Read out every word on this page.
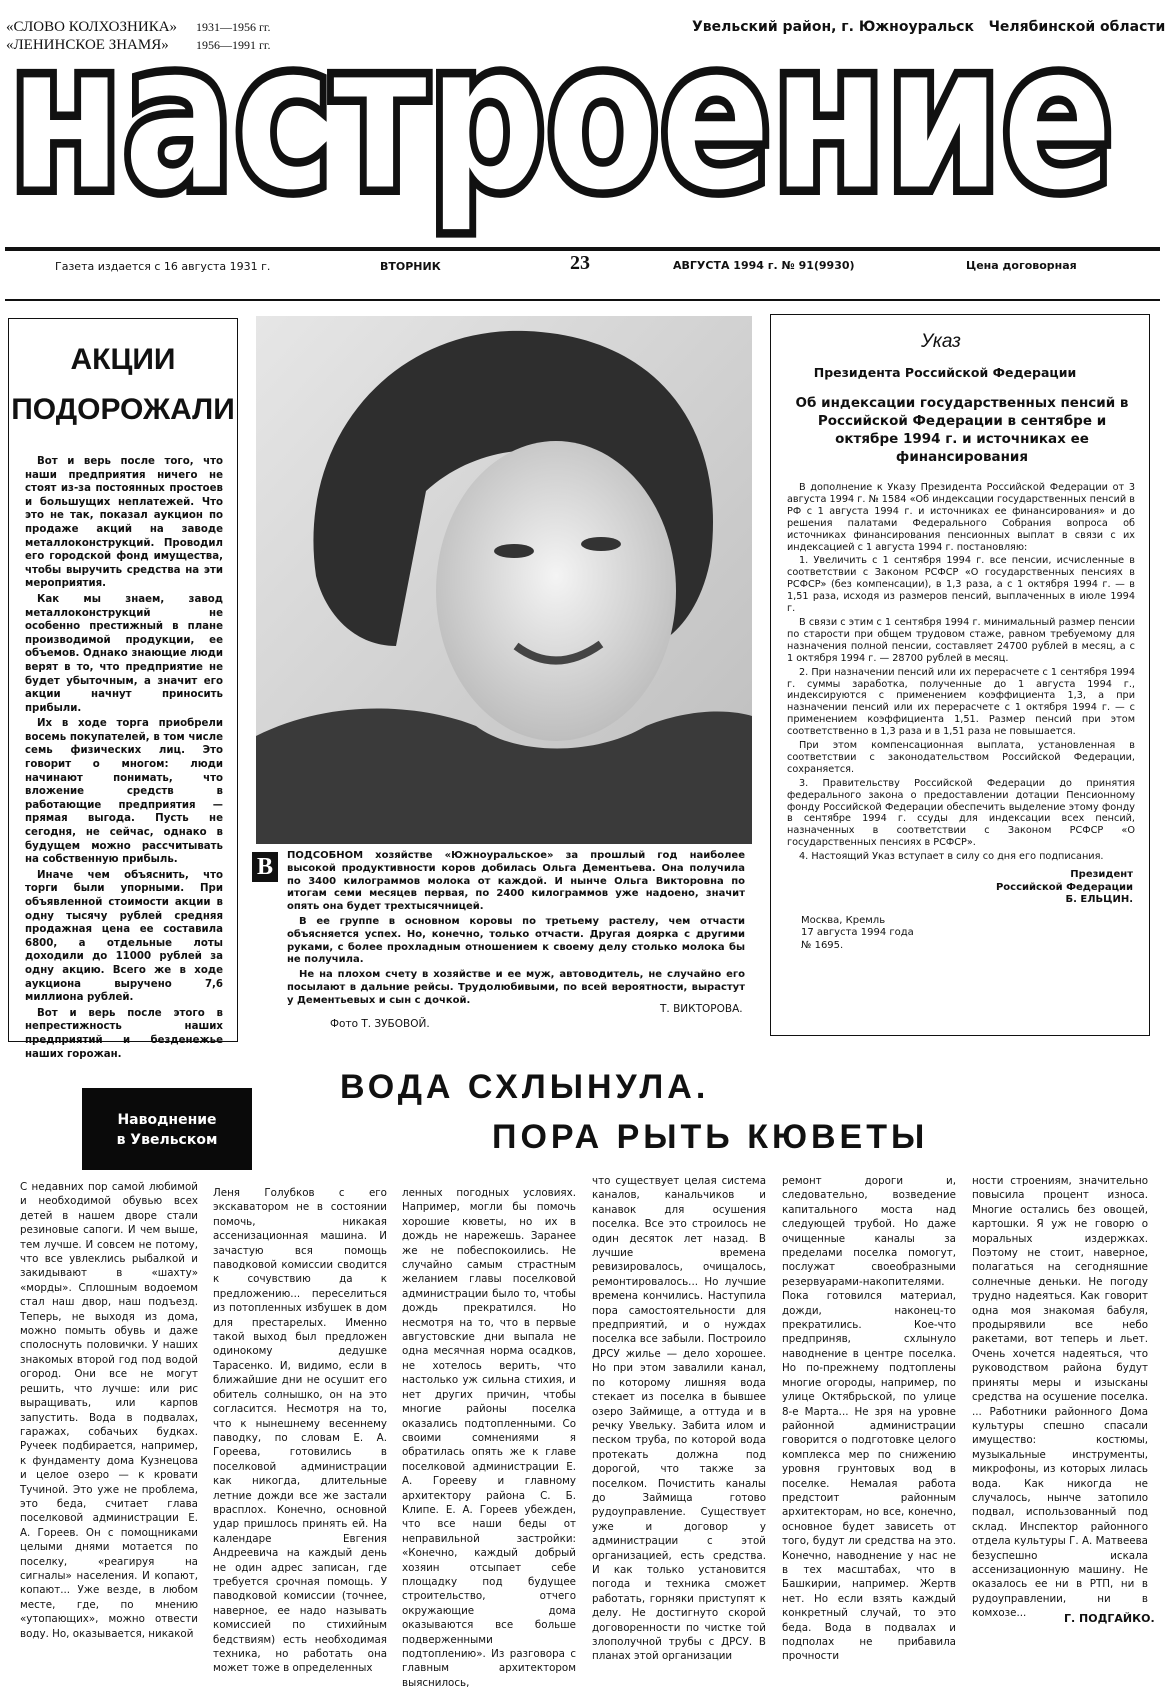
«СЛОВО КОЛХОЗНИКА» 1931—1956 гг.
«ЛЕНИНСКОЕ ЗНАМЯ» 1956—1991 гг.
Увельский район, г. Южноуральск Челябинской области
настроение
настроение
Газета издается с 16 августа 1931 г.	ВТОРНИК	23	АВГУСТА 1994 г. № 91(9930)	Цена договорная
АКЦИИ
ПОДОРОЖАЛИ

Вот и верь после того, что наши предприятия ничего не стоят из-за постоянных простоев и большущих неплатежей. Что это не так, показал аукцион по продаже акций на заводе металлоконструкций. Проводил его городской фонд имущества, чтобы выручить средства на эти мероприятия.

Как мы знаем, завод металлоконструкций не особенно престижный в плане производимой продукции, ее объемов. Однако знающие люди верят в то, что предприятие не будет убыточным, а значит его акции начнут приносить прибыли.

Их в ходе торга приобрели восемь покупателей, в том числе семь физических лиц. Это говорит о многом: люди начинают понимать, что вложение средств в работающие предприятия — прямая выгода. Пусть не сегодня, не сейчас, однако в будущем можно рассчитывать на собственную прибыль.

Иначе чем объяснить, что торги были упорными. При объявленной стоимости акции в одну тысячу рублей средняя продажная цена ее составила 6800, а отдельные лоты доходили до 11000 рублей за одну акцию. Всего же в ходе аукциона выручено 7,6 миллиона рублей.

Вот и верь после этого в непрестижность наших предприятий и безденежье наших горожан.

В	ПОДСОБНОМ хозяйстве «Южноуральское» за прошлый год наиболее высокой продуктивности коров добилась Ольга Дементьева. Она получила по 3400 килограммов молока от каждой. И нынче Ольга Викторовна по итогам семи месяцев первая, по 2400 килограммов уже надоено, значит опять она будет трехтысячницей.

В ее группе в основном коровы по третьему растелу, чем отчасти объясняется успех. Но, конечно, только отчасти. Другая доярка с другими руками, с более прохладным отношением к своему делу столько молока бы не получила.

Не на плохом счету в хозяйстве и ее муж, автоводитель, не случайно его посылают в дальние рейсы. Трудолюбивыми, по всей вероятности, вырастут у Дементьевых и сын с дочкой.

Т. ВИКТОРОВА.
Фото Т. ЗУБОВОЙ.
Указ
Президента Российской Федерации
Об индексации государственных пенсий в Российской Федерации в сентябре и октябре 1994 г. и источниках ее финансирования

В дополнение к Указу Президента Российской Федерации от 3 августа 1994 г. № 1584 «Об индексации государственных пенсий в РФ с 1 августа 1994 г. и источниках ее финансирования» и до решения палатами Федерального Собрания вопроса об источниках финансирования пенсионных выплат в связи с их индексацией с 1 августа 1994 г. постановляю:

1. Увеличить с 1 сентября 1994 г. все пенсии, исчисленные в соответствии с Законом РСФСР «О государственных пенсиях в РСФСР» (без компенсации), в 1,3 раза, а с 1 октября 1994 г. — в 1,51 раза, исходя из размеров пенсий, выплаченных в июле 1994 г.

В связи с этим с 1 сентября 1994 г. минимальный размер пенсии по старости при общем трудовом стаже, равном требуемому для назначения полной пенсии, составляет 24700 рублей в месяц, а с 1 октября 1994 г. — 28700 рублей в месяц.

2. При назначении пенсий или их перерасчете с 1 сентября 1994 г. суммы заработка, полученные до 1 августа 1994 г., индексируются с применением коэффициента 1,3, а при назначении пенсий или их перерасчете с 1 октября 1994 г. — с применением коэффициента 1,51. Размер пенсий при этом соответственно в 1,3 раза и в 1,51 раза не повышается.

При этом компенсационная выплата, установленная в соответствии с законодательством Российской Федерации, сохраняется.

3. Правительству Российской Федерации до принятия федерального закона о предоставлении дотации Пенсионному фонду Российской Федерации обеспечить выделение этому фонду в сентябре 1994 г. ссуды для индексации всех пенсий, назначенных в соответствии с Законом РСФСР «О государственных пенсиях в РСФСР».

4. Настоящий Указ вступает в силу со дня его подписания.

Президент
Российской Федерации
Б. ЕЛЬЦИН.
Москва, Кремль
17 августа 1994 года
№ 1695.
Наводнение
в Увельском
ВОДА СХЛЫНУЛА.
ПОРА РЫТЬ КЮВЕТЫ
С недавних пор самой любимой и необходимой обувью всех детей в нашем дворе стали резиновые сапоги. И чем выше, тем лучше. И совсем не потому, что все увлеклись рыбалкой и закидывают в «шахту» «морды». Сплошным водоемом стал наш двор, наш подъезд. Теперь, не выходя из дома, можно помыть обувь и даже сполоснуть половички. У наших знакомых второй год под водой огород. Они все не могут решить, что лучше: или рис выращивать, или карпов запустить. Вода в подвалах, гаражах, собачьих будках. Ручеек подбирается, например, к фундаменту дома Кузнецова и целое озеро — к кровати Тучиной. Это уже не проблема, это беда, считает глава поселковой администрации Е. А. Гореев. Он с помощниками целыми днями мотается по поселку, «реагируя на сигналы» населения. И копают, копают... Уже везде, в любом месте, где, по мнению «утопающих», можно отвести воду. Но, оказывается, никакой
Леня Голубков с его экскаватором не в состоянии помочь, никакая ассенизационная машина. И зачастую вся помощь паводковой комиссии сводится к сочувствию да к предложению... переселиться из потопленных избушек в дом для престарелых. Именно такой выход был предложен одинокому дедушке Тарасенко. И, видимо, если в ближайшие дни не осушит его обитель солнышко, он на это согласится. Несмотря на то, что к нынешнему весеннему паводку, по словам Е. А. Гореева, готовились в поселковой администрации как никогда, длительные летние дожди все же застали врасплох. Конечно, основной удар пришлось принять ей. На календаре Евгения Андреевича на каждый день не один адрес записан, где требуется срочная помощь. У паводковой комиссии (точнее, наверное, ее надо называть комиссией по стихийным бедствиям) есть необходимая техника, но работать она может тоже в определенных
ленных погодных условиях. Например, могли бы помочь хорошие кюветы, но их в дождь не нарежешь. Заранее же не побеспокоились. Не случайно самым страстным желанием главы поселковой администрации было то, чтобы дождь прекратился. Но несмотря на то, что в первые августовские дни выпала не одна месячная норма осадков, не хотелось верить, что настолько уж сильна стихия, и нет других причин, чтобы многие районы поселка оказались подтопленными. Со своими сомнениями я обратилась опять же к главе поселковой администрации Е. А. Горееву и главному архитектору района С. Б. Клипе. Е. А. Гореев убежден, что все наши беды от неправильной застройки: «Конечно, каждый добрый хозяин отсыпает себе площадку под будущее строительство, отчего окружающие дома оказываются все больше подверженными подтоплению». Из разговора с главным архитектором выяснилось,
что существует целая система каналов, канальчиков и канавок для осушения поселка. Все это строилось не один десяток лет назад. В лучшие времена ревизировалось, очищалось, ремонтировалось... Но лучшие времена кончились. Наступила пора самостоятельности для предприятий, и о нуждах поселка все забыли. Построило ДРСУ жилье — дело хорошее. Но при этом завалили канал, по которому лишняя вода стекает из поселка в бывшее озеро Займище, а оттуда и в речку Увельку. Забита илом и песком труба, по которой вода протекать должна под дорогой, что также за поселком. Почистить каналы до Займища готово рудоуправление. Существует уже и договор у администрации с этой организацией, есть средства. И как только установится погода и техника сможет работать, горняки приступят к делу. Не достигнуто скорой договоренности по чистке той злополучной трубы с ДРСУ. В планах этой организации
ремонт дороги и, следовательно, возведение капитального моста над следующей трубой. Но даже очищенные каналы за пределами поселка помогут, послужат своеобразными резервуарами-накопителями. Пока готовился материал, дожди, наконец-то прекратились. Кое-что предприняв, схлынуло наводнение в центре поселка. Но по-прежнему подтоплены многие огороды, например, по улице Октябрьской, по улице 8-е Марта... Не зря на уровне районной администрации говорится о подготовке целого комплекса мер по снижению уровня грунтовых вод в поселке. Немалая работа предстоит районным архитекторам, но все, конечно, основное будет зависеть от того, будут ли средства на это. Конечно, наводнение у нас не в тех масштабах, что в Башкирии, например. Жертв нет. Но если взять каждый конкретный случай, то это беда. Вода в подвалах и подполах не прибавила прочности
ности строениям, значительно повысила процент износа. Многие остались без овощей, картошки. Я уж не говорю о моральных издержках. Поэтому не стоит, наверное, полагаться на сегодняшние солнечные деньки. Не погоду трудно надеяться. Как говорит одна моя знакомая бабуля, продырявили все небо ракетами, вот теперь и льет. Очень хочется надеяться, что руководством района будут приняты меры и изысканы средства на осушение поселка. ... Работники районного Дома культуры спешно спасали имущество: костюмы, музыкальные инструменты, микрофоны, из которых лилась вода. Как никогда не случалось, нынче затопило подвал, использованный под склад. Инспектор районного отдела культуры Г. А. Матвеева безуспешно искала ассенизационную машину. Не оказалось ее ни в РТП, ни в рудоуправлении, ни в комхозе...	Г. ПОДГАЙКО.
